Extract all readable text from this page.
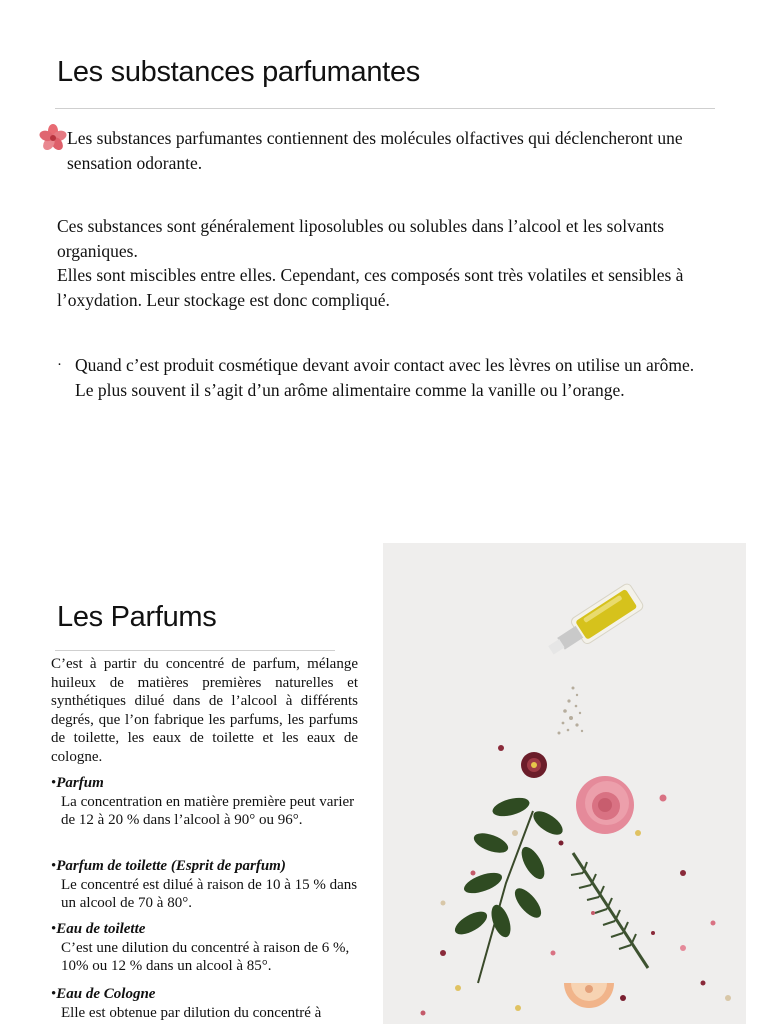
Les substances parfumantes
Les substances parfumantes contiennent des molécules olfactives qui déclencheront une sensation odorante.

Ces substances sont généralement liposolubles ou solubles dans l’alcool et les solvants organiques.

Elles sont miscibles entre elles. Cependant, ces composés sont très volatiles et sensibles à l’oxydation. Leur stockage est donc compliqué.

· Quand c’est produit cosmétique devant avoir contact avec les lèvres on utilise un arôme. Le plus souvent il s’agit d’un arôme alimentaire comme la vanille ou l’orange.
Les Parfums

C’est à partir du concentré de parfum, mélange huileux de matières premières naturelles et synthétiques dilué dans de l’alcool à différents degrés, que l’on fabrique les parfums, les parfums de toilette, les eaux de toilette et les eaux de cologne.

•Parfum
La concentration en matière première peut varier de 12 à 20 % dans l’alcool à 90° ou 96°.
•Parfum de toilette (Esprit de parfum)
Le concentré est dilué à raison de 10 à 15 % dans un alcool de 70 à 80°.
•Eau de toilette
C’est une dilution du concentré à raison de 6 %, 10% ou 12 % dans un alcool à 85°.
•Eau de Cologne
Elle est obtenue par dilution du concentré à
